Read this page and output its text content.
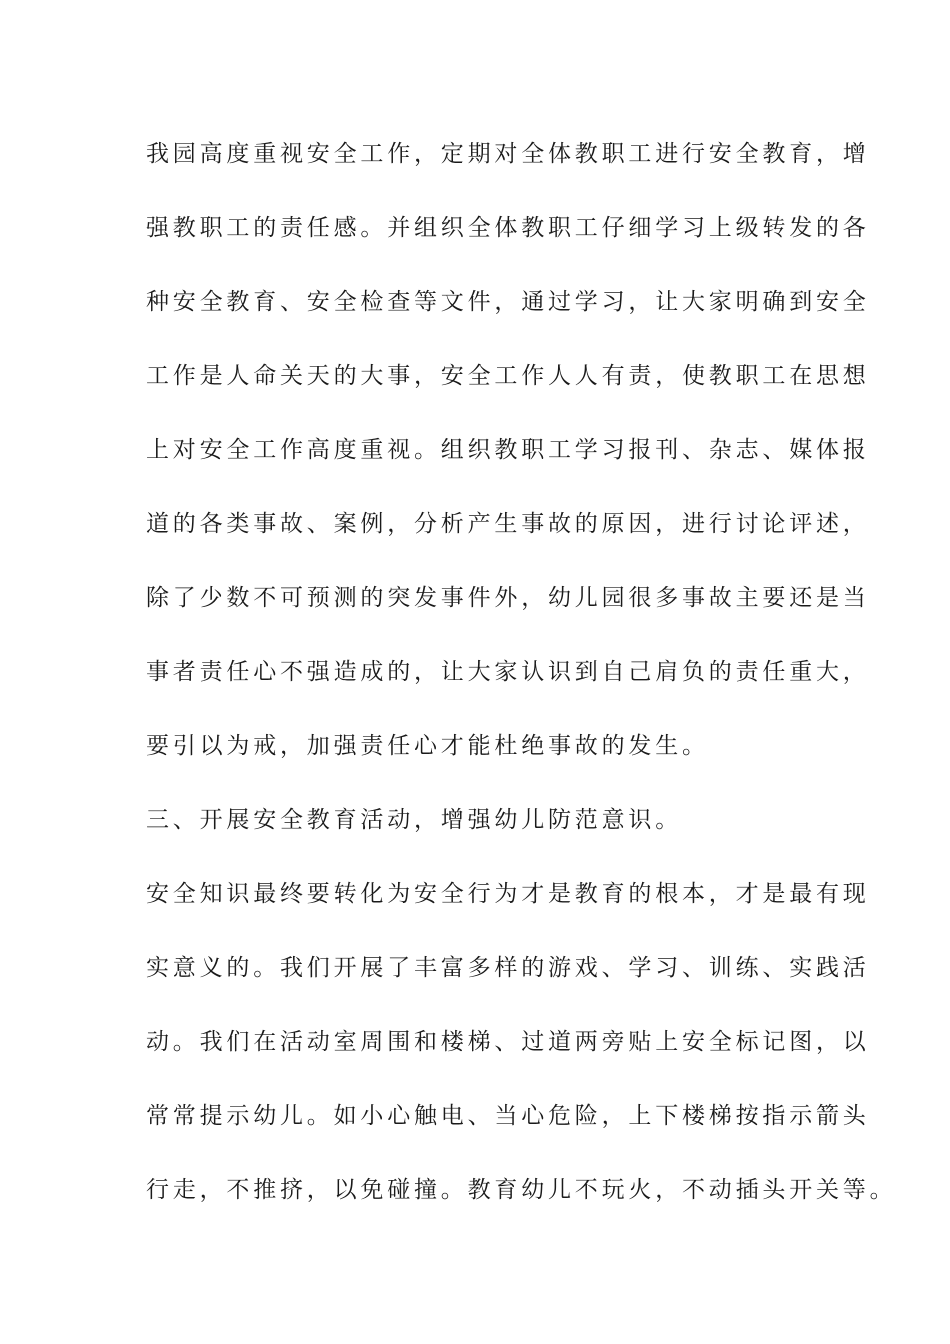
我园高度重视安全工作，定期对全体教职工进行安全教育，增
强教职工的责任感。并组织全体教职工仔细学习上级转发的各
种安全教育、安全检查等文件，通过学习，让大家明确到安全
工作是人命关天的大事，安全工作人人有责，使教职工在思想
上对安全工作高度重视。组织教职工学习报刊、杂志、媒体报
道的各类事故、案例，分析产生事故的原因，进行讨论评述，
除了少数不可预测的突发事件外，幼儿园很多事故主要还是当
事者责任心不强造成的，让大家认识到自己肩负的责任重大，
要引以为戒，加强责任心才能杜绝事故的发生。
三、开展安全教育活动，增强幼儿防范意识。
安全知识最终要转化为安全行为才是教育的根本，才是最有现
实意义的。我们开展了丰富多样的游戏、学习、训练、实践活
动。我们在活动室周围和楼梯、过道两旁贴上安全标记图，以
常常提示幼儿。如小心触电、当心危险，上下楼梯按指示箭头
行走，不推挤，以免碰撞。教育幼儿不玩火，不动插头开关等。
